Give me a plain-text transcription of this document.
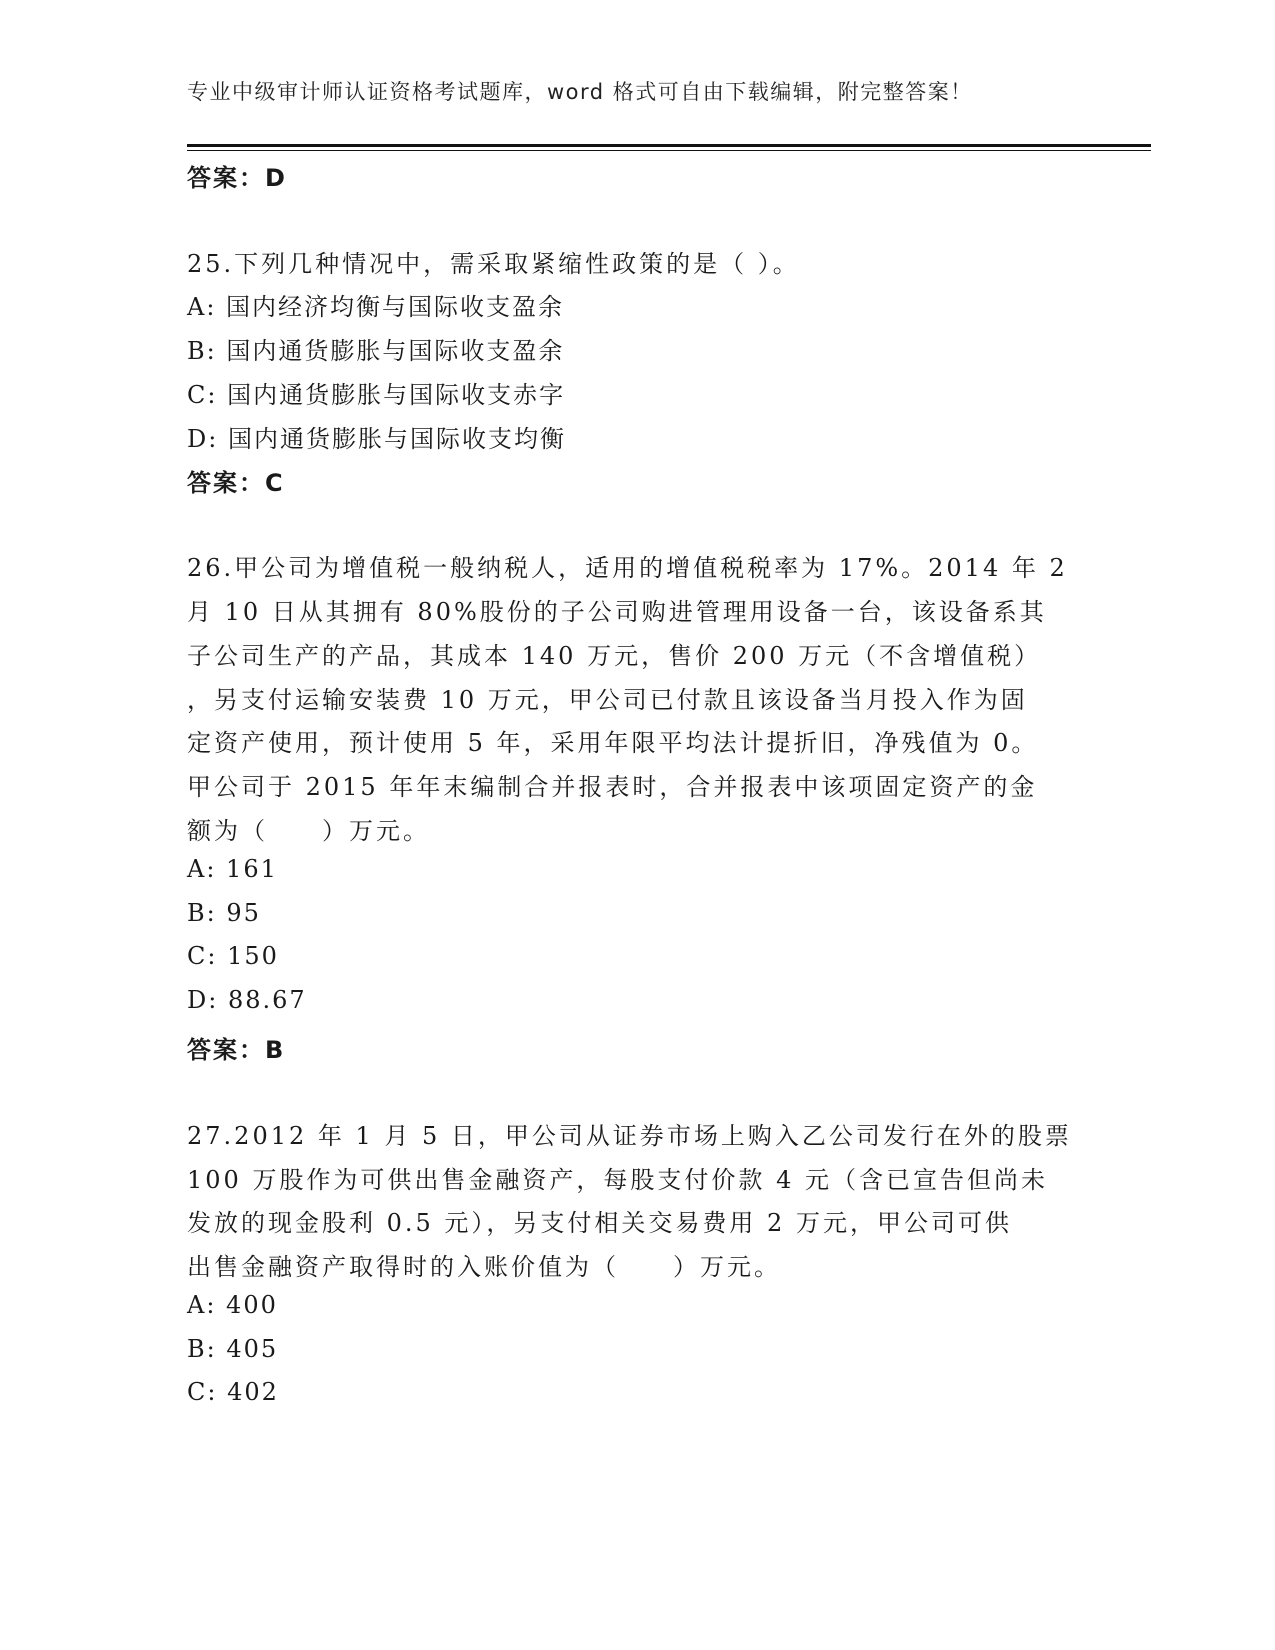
专业中级审计师认证资格考试题库，word 格式可自由下载编辑，附完整答案！
答案：D
25.下列几种情况中，需采取紧缩性政策的是（ ）。
A: 国内经济均衡与国际收支盈余
B: 国内通货膨胀与国际收支盈余
C: 国内通货膨胀与国际收支赤字
D: 国内通货膨胀与国际收支均衡
答案：C
26.甲公司为增值税一般纳税人，适用的增值税税率为 17%。2014 年 2
月 10 日从其拥有 80%股份的子公司购进管理用设备一台，该设备系其
子公司生产的产品，其成本 140 万元，售价 200 万元（不含增值税）
，另支付运输安装费 10 万元，甲公司已付款且该设备当月投入作为固
定资产使用，预计使用 5 年，采用年限平均法计提折旧，净残值为 0。
甲公司于 2015 年年末编制合并报表时，合并报表中该项固定资产的金
额为（　　）万元。
A: 161
B: 95
C: 150
D: 88.67
答案：B
27.2012 年 1 月 5 日，甲公司从证券市场上购入乙公司发行在外的股票
100 万股作为可供出售金融资产，每股支付价款 4 元（含已宣告但尚未
发放的现金股利 0.5 元），另支付相关交易费用 2 万元，甲公司可供
出售金融资产取得时的入账价值为（　　）万元。
A: 400
B: 405
C: 402
